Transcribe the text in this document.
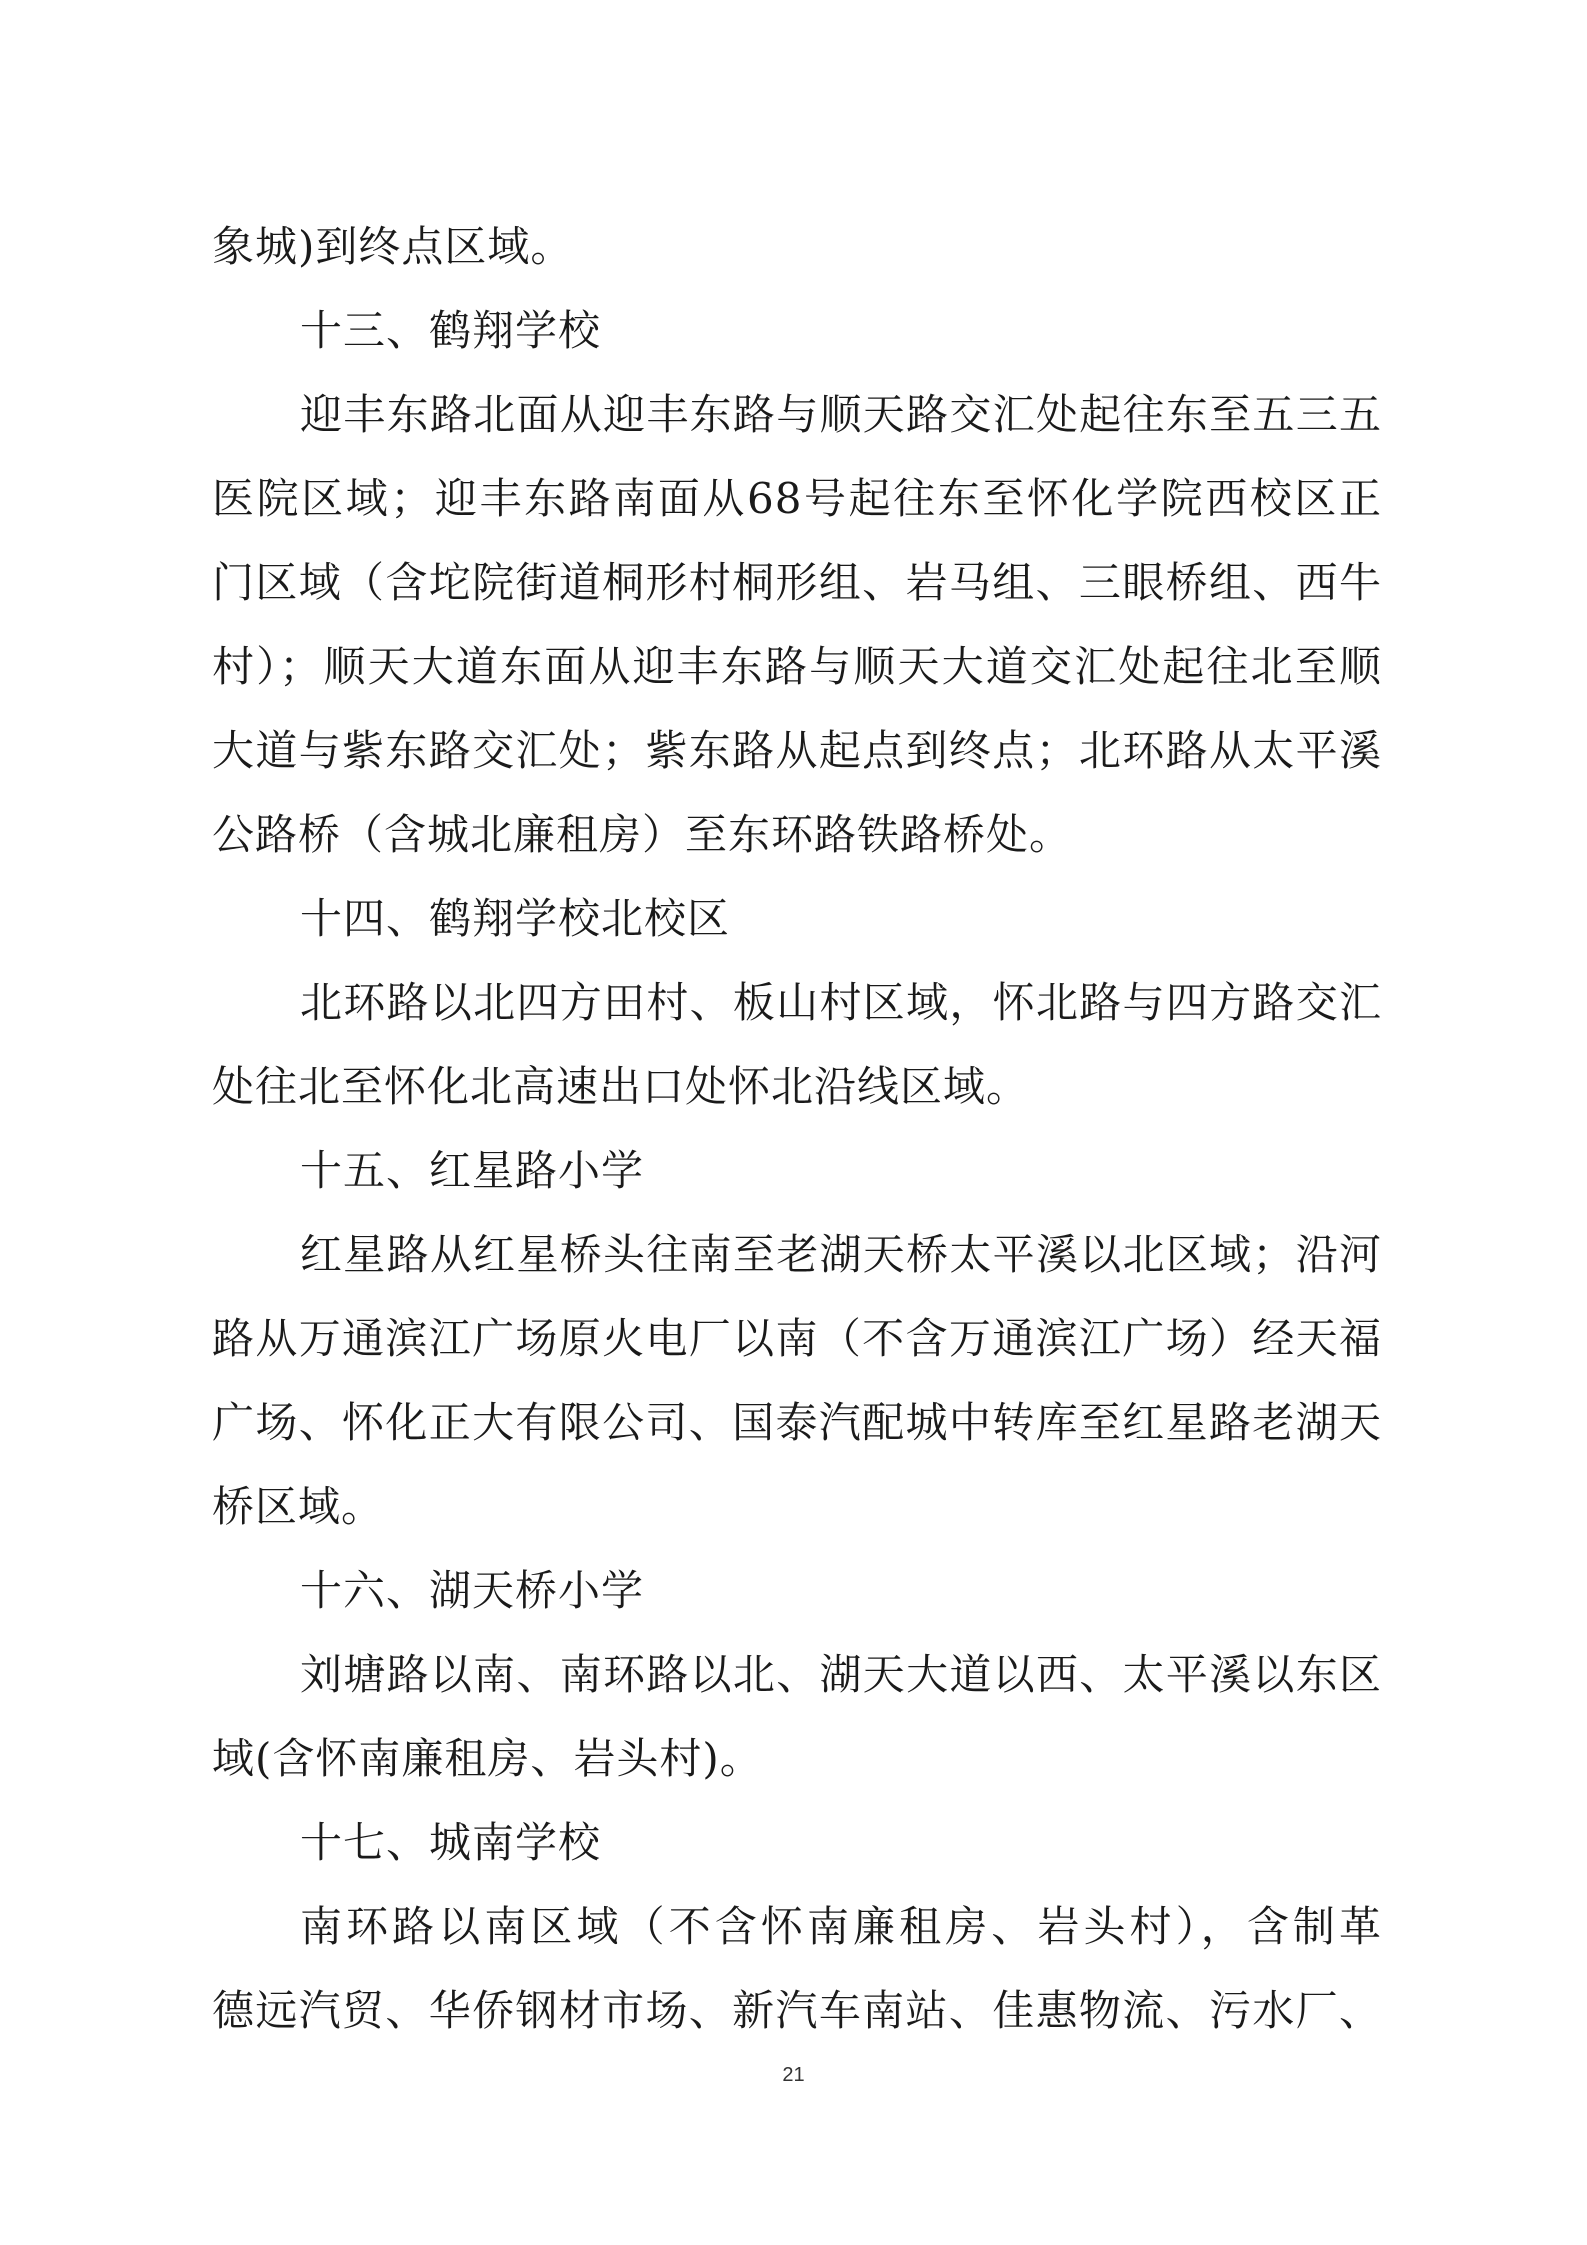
象城)到终点区域。
十三、鹤翔学校
迎丰东路北面从迎丰东路与顺天路交汇处起往东至五三五
医院区域；迎丰东路南面从68号起往东至怀化学院西校区正
门区域（含坨院街道桐形村桐形组、岩马组、三眼桥组、西牛
村）；顺天大道东面从迎丰东路与顺天大道交汇处起往北至顺
大道与紫东路交汇处；紫东路从起点到终点；北环路从太平溪
公路桥（含城北廉租房）至东环路铁路桥处。
十四、鹤翔学校北校区
北环路以北四方田村、板山村区域，怀北路与四方路交汇
处往北至怀化北高速出口处怀北沿线区域。
十五、红星路小学
红星路从红星桥头往南至老湖天桥太平溪以北区域；沿河
路从万通滨江广场原火电厂以南（不含万通滨江广场）经天福
广场、怀化正大有限公司、国泰汽配城中转库至红星路老湖天
桥区域。
十六、湖天桥小学
刘塘路以南、南环路以北、湖天大道以西、太平溪以东区
域(含怀南廉租房、岩头村)。
十七、城南学校
南环路以南区域（不含怀南廉租房、岩头村），含制革
德远汽贸、华侨钢材市场、新汽车南站、佳惠物流、污水厂、
21
